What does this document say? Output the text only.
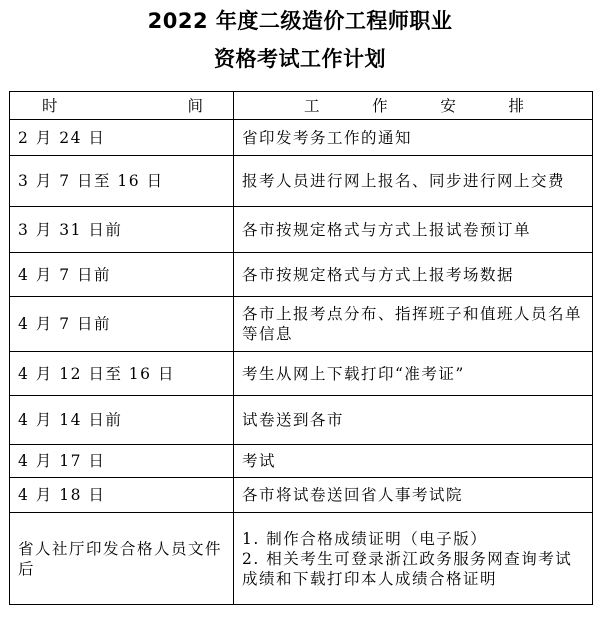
2022 年度二级造价工程师职业
资格考试工作计划
时 间	工 作 安 排

2 月 24 日	省印发考务工作的通知
3 月 7 日至 16 日	报考人员进行网上报名、同步进行网上交费
3 月 31 日前	各市按规定格式与方式上报试卷预订单
4 月 7 日前	各市按规定格式与方式上报考场数据
4 月 7 日前	各市上报考点分布、指挥班子和值班人员名单等信息
4 月 12 日至 16 日	考生从网上下载打印“准考证”
4 月 14 日前	试卷送到各市
4 月 17 日	考试
4 月 18 日	各市将试卷送回省人事考试院
省人社厅印发合格人员文件后	1. 制作合格成绩证明（电子版）
2. 相关考生可登录浙江政务服务网查询考试成绩和下载打印本人成绩合格证明
